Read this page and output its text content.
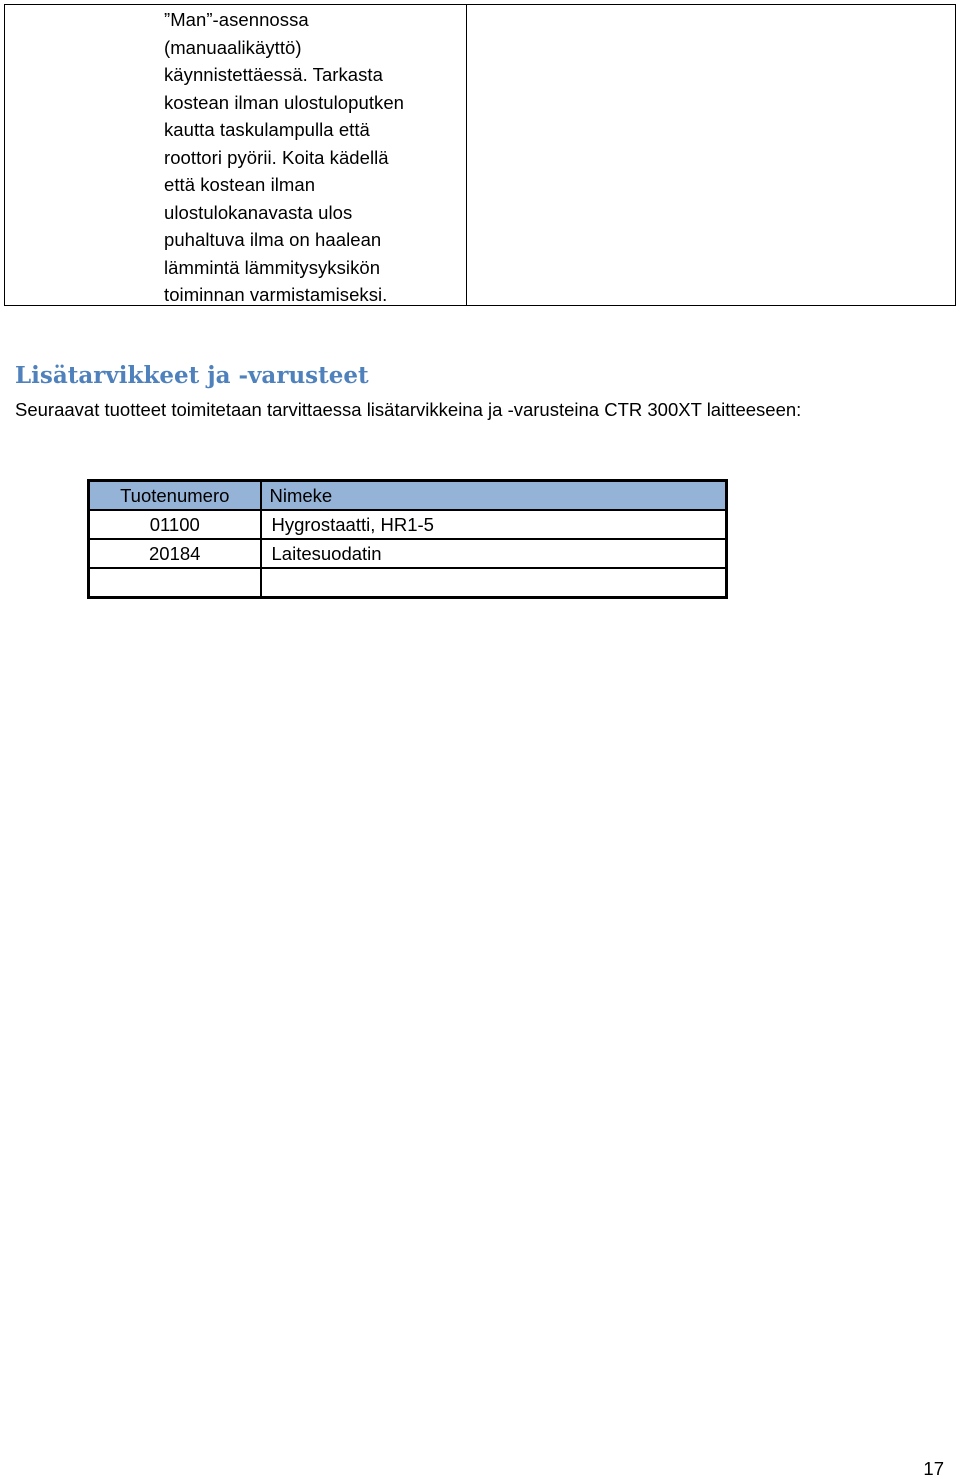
”Man”-asennossa
(manuaalikäyttö)
käynnistettäessä. Tarkasta
kostean ilman ulostuloputken
kautta taskulampulla että
roottori pyörii. Koita kädellä
että kostean ilman
ulostulokanavasta ulos
puhaltuva ilma on haalean
lämmintä lämmitysyksikön
toiminnan varmistamiseksi.
Lisätarvikkeet ja -varusteet

Seuraavat tuotteet toimitetaan tarvittaessa lisätarvikkeina ja -varusteina CTR 300XT laitteeseen:

Tuotenumero	Nimeke
01100	Hygrostaatti, HR1-5
20184	Laitesuodatin

17
